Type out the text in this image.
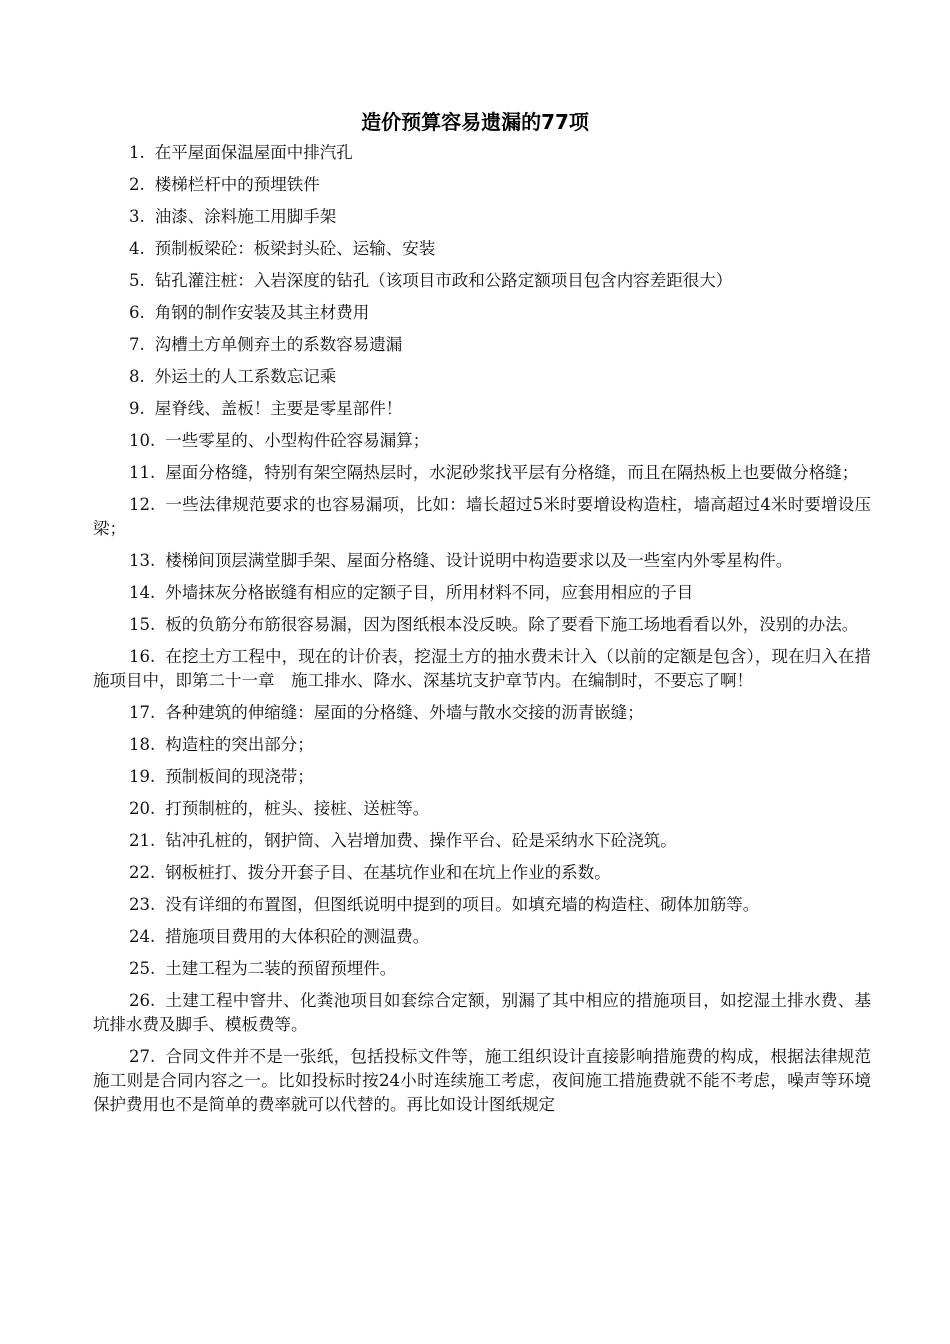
造价预算容易遗漏的77项

1. 在平屋面保温屋面中排汽孔

2. 楼梯栏杆中的预埋铁件

3. 油漆、涂料施工用脚手架

4. 预制板梁砼：板梁封头砼、运输、安装

5. 钻孔灌注桩：入岩深度的钻孔（该项目市政和公路定额项目包含内容差距很大）

6. 角钢的制作安装及其主材费用

7. 沟槽土方单侧弃土的系数容易遗漏

8. 外运土的人工系数忘记乘

9. 屋脊线、盖板！主要是零星部件！

10. 一些零星的、小型构件砼容易漏算；

11. 屋面分格缝，特别有架空隔热层时，水泥砂浆找平层有分格缝，而且在隔热板上也要做分格缝；

12. 一些法律规范要求的也容易漏项，比如：墙长超过5米时要增设构造柱，墙高超过4米时要增设压梁；

13. 楼梯间顶层满堂脚手架、屋面分格缝、设计说明中构造要求以及一些室内外零星构件。

14. 外墙抹灰分格嵌缝有相应的定额子目，所用材料不同，应套用相应的子目

15. 板的负筋分布筋很容易漏，因为图纸根本没反映。除了要看下施工场地看看以外，没别的办法。

16. 在挖土方工程中，现在的计价表，挖湿土方的抽水费未计入（以前的定额是包含），现在归入在措施项目中，即第二十一章　施工排水、降水、深基坑支护章节内。在编制时，不要忘了啊！

17. 各种建筑的伸缩缝：屋面的分格缝、外墙与散水交接的沥青嵌缝；

18. 构造柱的突出部分；

19. 预制板间的现浇带；

20. 打预制桩的，桩头、接桩、送桩等。

21. 钻冲孔桩的，钢护筒、入岩增加费、操作平台、砼是采纳水下砼浇筑。

22. 钢板桩打、拨分开套子目、在基坑作业和在坑上作业的系数。

23. 没有详细的布置图，但图纸说明中提到的项目。如填充墙的构造柱、砌体加筋等。

24. 措施项目费用的大体积砼的测温费。

25. 土建工程为二装的预留预埋件。

26. 土建工程中窨井、化粪池项目如套综合定额，别漏了其中相应的措施项目，如挖湿土排水费、基坑排水费及脚手、模板费等。

27. 合同文件并不是一张纸，包括投标文件等，施工组织设计直接影响措施费的构成，根据法律规范施工则是合同内容之一。比如投标时按24小时连续施工考虑，夜间施工措施费就不能不考虑，噪声等环境保护费用也不是简单的费率就可以代替的。再比如设计图纸规定
